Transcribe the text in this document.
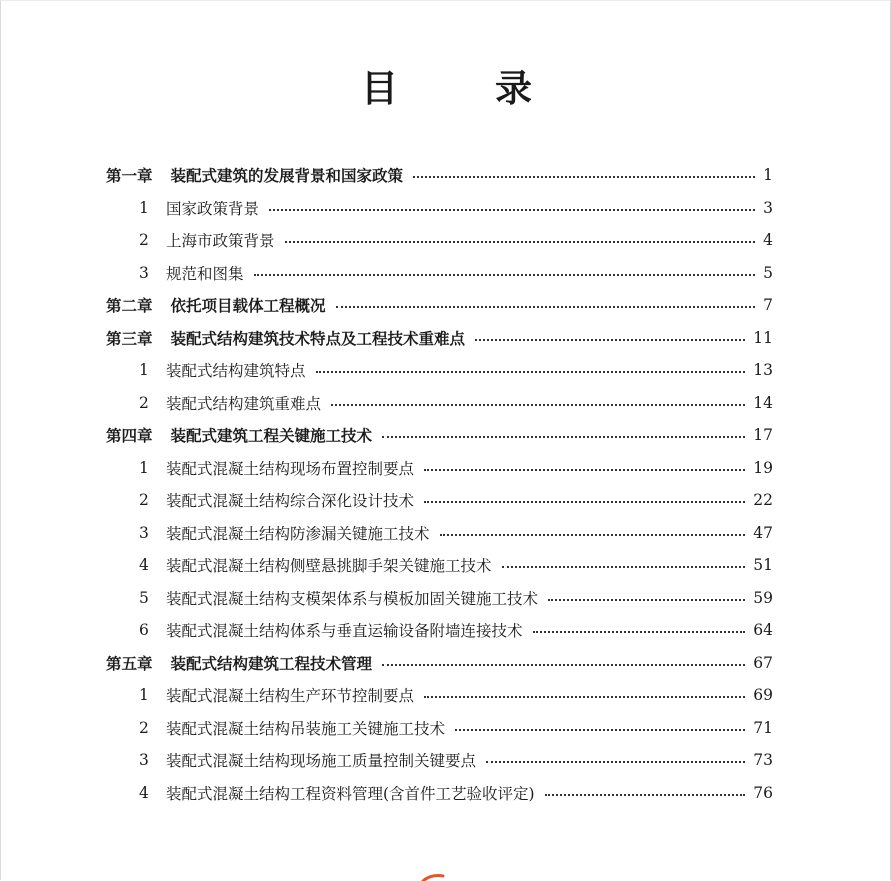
目　录
第一章 装配式建筑的发展背景和国家政策	1
1	国家政策背景	3
2	上海市政策背景	4
3	规范和图集	5
第二章 依托项目载体工程概况	7
第三章 装配式结构建筑技术特点及工程技术重难点	11
1	装配式结构建筑特点	13
2	装配式结构建筑重难点	14
第四章 装配式建筑工程关键施工技术	17
1	装配式混凝土结构现场布置控制要点	19
2	装配式混凝土结构综合深化设计技术	22
3	装配式混凝土结构防渗漏关键施工技术	47
4	装配式混凝土结构侧壁悬挑脚手架关键施工技术	51
5	装配式混凝土结构支模架体系与模板加固关键施工技术	59
6	装配式混凝土结构体系与垂直运输设备附墙连接技术	64
第五章 装配式结构建筑工程技术管理	67
1	装配式混凝土结构生产环节控制要点	69
2	装配式混凝土结构吊装施工关键施工技术	71
3	装配式混凝土结构现场施工质量控制关键要点	73
4	装配式混凝土结构工程资料管理(含首件工艺验收评定)	76
